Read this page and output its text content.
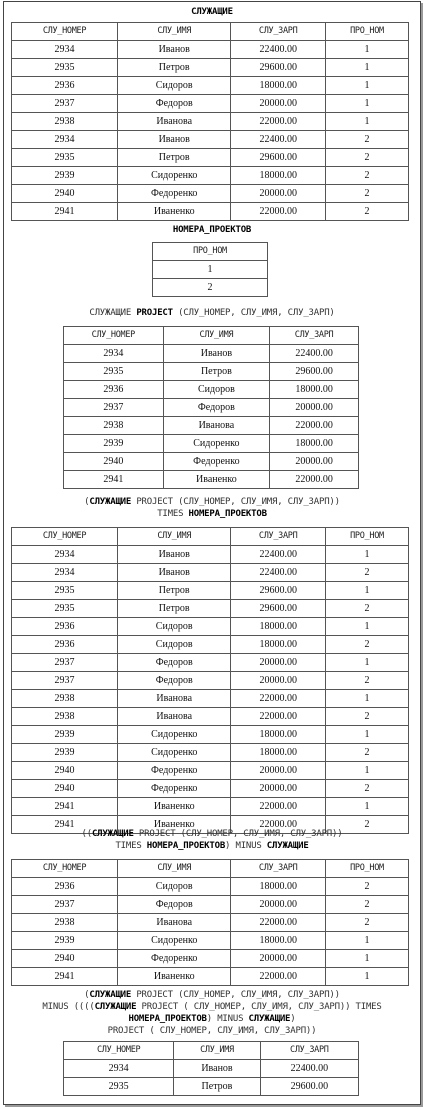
СЛУЖАЩИЕ
СЛУ_НОМЕР	СЛУ_ИМЯ	СЛУ_ЗАРП	ПРО_НОМ
2934	Иванов	22400.00	1
2935	Петров	29600.00	1
2936	Сидоров	18000.00	1
2937	Федоров	20000.00	1
2938	Иванова	22000.00	1
2934	Иванов	22400.00	2
2935	Петров	29600.00	2
2939	Сидоренко	18000.00	2
2940	Федоренко	20000.00	2
2941	Иваненко	22000.00	2
НОМЕРА_ПРОЕКТОВ
ПРО_НОМ
1
2
СЛУЖАЩИЕ PROJECT (СЛУ_НОМЕР, СЛУ_ИМЯ, СЛУ_ЗАРП)
СЛУ_НОМЕР	СЛУ_ИМЯ	СЛУ_ЗАРП
2934	Иванов	22400.00
2935	Петров	29600.00
2936	Сидоров	18000.00
2937	Федоров	20000.00
2938	Иванова	22000.00
2939	Сидоренко	18000.00
2940	Федоренко	20000.00
2941	Иваненко	22000.00
(СЛУЖАЩИЕ PROJECT (СЛУ_НОМЕР, СЛУ_ИМЯ, СЛУ_ЗАРП))
TIMES НОМЕРА_ПРОЕКТОВ
СЛУ_НОМЕР	СЛУ_ИМЯ	СЛУ_ЗАРП	ПРО_НОМ
2934	Иванов	22400.00	1
2934	Иванов	22400.00	2
2935	Петров	29600.00	1
2935	Петров	29600.00	2
2936	Сидоров	18000.00	1
2936	Сидоров	18000.00	2
2937	Федоров	20000.00	1
2937	Федоров	20000.00	2
2938	Иванова	22000.00	1
2938	Иванова	22000.00	2
2939	Сидоренко	18000.00	1
2939	Сидоренко	18000.00	2
2940	Федоренко	20000.00	1
2940	Федоренко	20000.00	2
2941	Иваненко	22000.00	1
2941	Иваненко	22000.00	2
((СЛУЖАЩИЕ PROJECT (СЛУ_НОМЕР, СЛУ_ИМЯ, СЛУ_ЗАРП))
TIMES НОМЕРА_ПРОЕКТОВ) MINUS СЛУЖАЩИЕ
СЛУ_НОМЕР	СЛУ_ИМЯ	СЛУ_ЗАРП	ПРО_НОМ
2936	Сидоров	18000.00	2
2937	Федоров	20000.00	2
2938	Иванова	22000.00	2
2939	Сидоренко	18000.00	1
2940	Федоренко	20000.00	1
2941	Иваненко	22000.00	1
(СЛУЖАЩИЕ PROJECT (СЛУ_НОМЕР, СЛУ_ИМЯ, СЛУ_ЗАРП))
MINUS ((((СЛУЖАЩИЕ PROJECT ( СЛУ_НОМЕР, СЛУ_ИМЯ, СЛУ_ЗАРП)) TIMES
НОМЕРА_ПРОЕКТОВ) MINUS СЛУЖАЩИЕ)
PROJECT ( СЛУ_НОМЕР, СЛУ_ИМЯ, СЛУ_ЗАРП))
СЛУ_НОМЕР	СЛУ_ИМЯ	СЛУ_ЗАРП
2934	Иванов	22400.00
2935	Петров	29600.00
